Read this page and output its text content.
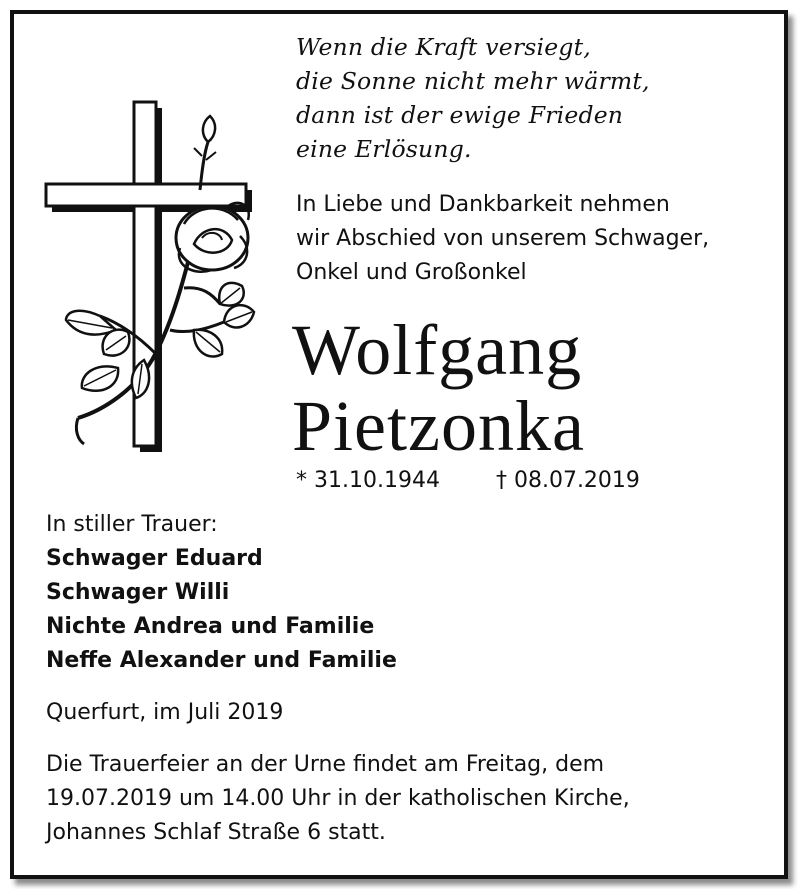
Wenn die Kraft versiegt,
die Sonne nicht mehr wärmt,
dann ist der ewige Frieden
eine Erlösung.
In Liebe und Dankbarkeit nehmen
wir Abschied von unserem Schwager,
Onkel und Großonkel
Wolfgang
Pietzonka
* 31.10.1944	† 08.07.2019
In stiller Trauer:
Schwager Eduard
Schwager Willi
Nichte Andrea und Familie
Neffe Alexander und Familie
Querfurt, im Juli 2019
Die Trauerfeier an der Urne findet am Freitag, dem
19.07.2019 um 14.00 Uhr in der katholischen Kirche,
Johannes Schlaf Straße 6 statt.
